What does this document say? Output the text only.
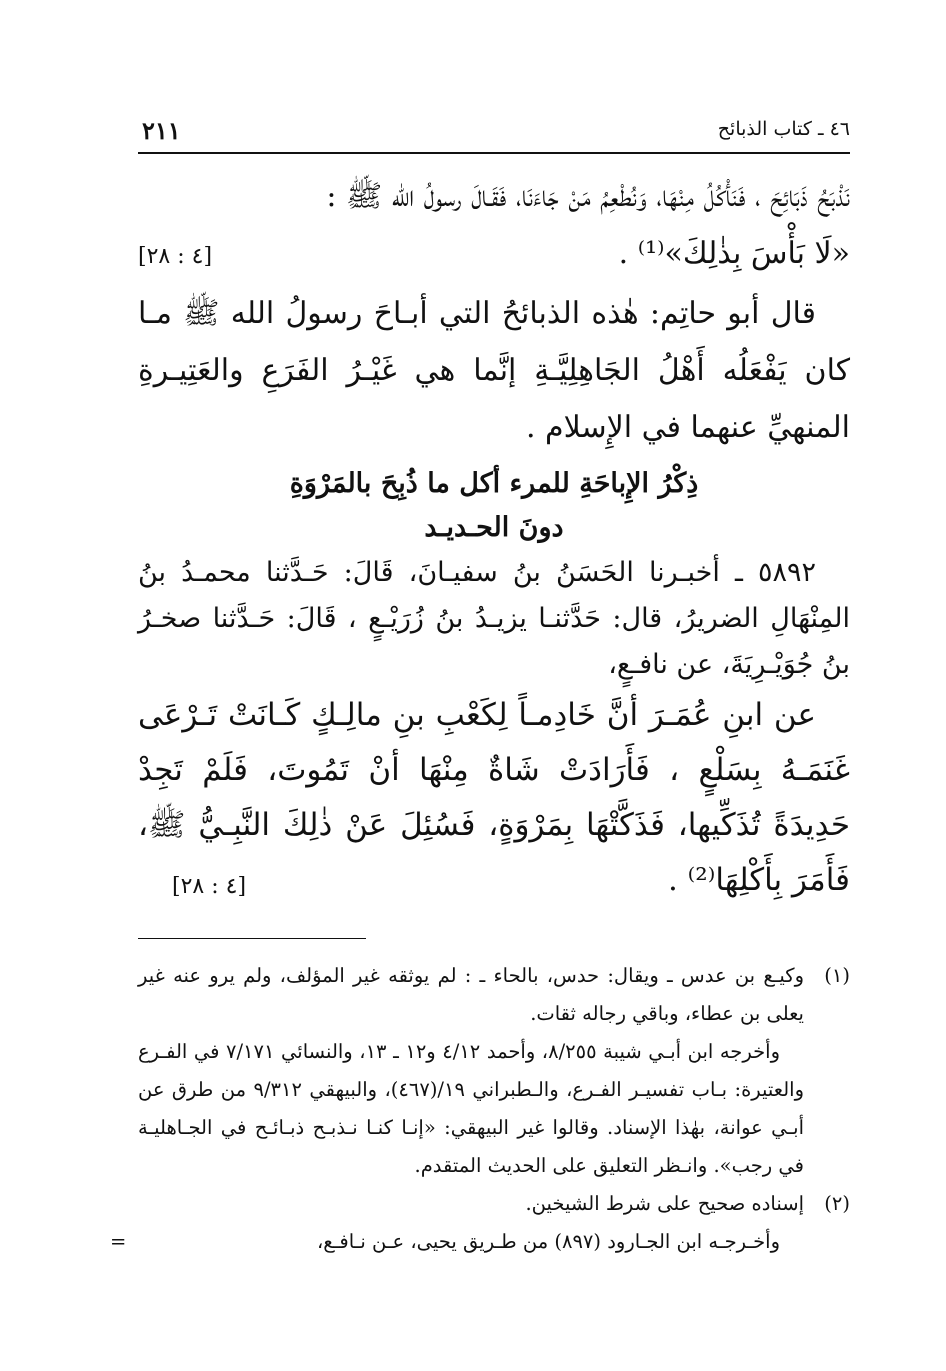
٤٦ ـ كتاب الذبائح
٢١١

نَذْبَحُ ذَبَائِحَ ، فَنَأْكُلُ مِنْهَا، وَنُطْعِمُ مَنْ جَاءَنَا، فَقَـالَ رسولُ الله ﷺ :

«لَا بَأْسَ بِذٰلِكَ»⁽¹⁾ .
[٤ : ٢٨]

قال أبو حاتِم: هٰذه الذبائحُ التي أبـاحَ رسولُ الله ﷺ مـا كان يَفْعَلُه أَهْلُ الجَاهِلِيَّـةِ إنَّما هي غَيْـرُ الفَرَعِ والعَتِيـرةِ المنهيِّ عنهما في الإِسلام .

ذِكْرُ الإِباحَةِ للمرء أكل ما ذُبِحَ بالمَرْوَةِ
دونَ الحـديـد

٥٨٩٢ ـ أخبـرنا الحَسَنُ بنُ سفيـانَ، قَالَ: حَـدَّثنا محمـدُ بنُ المِنْهَالِ الضريرُ، قال: حَدَّثنـا يزيـدُ بنُ زُرَيْـعٍ ، قَالَ: حَـدَّثنا صخـرُ بنُ جُوَيْـرِيَةَ، عن نافـعٍ،

عن ابنِ عُمَـرَ أنَّ خَادِمـاً لِكَعْبِ بنِ مالِـكٍ كَـانَتْ تَـرْعَى غَنَمَـهُ بِسَلْعٍ ، فَأَرَادَتْ شَاةٌ مِنْهَا أنْ تَمُوتَ، فَلَمْ تَجِدْ حَدِيدَةً تُذَكِّيها، فَذَكَّتْهَا بِمَرْوَةٍ، فَسُئِلَ عَنْ ذٰلِكَ النَّبِـيُّ ﷺ، فَأَمَرَ بِأَكْلِهَا⁽²⁾ .
[٤ : ٢٨]

(١)

وكيـع بن عدس ـ ويقال: حدس، بالحاء ـ : لم يوثقه غير المؤلف، ولم يرو عنه غير يعلى بن عطاء، وباقي رجاله ثقات.

وأخرجه ابن أبـي شيبة ٨/٢٥٥، وأحمد ٤/١٢ و١٢ ـ ١٣، والنسائي ٧/١٧١ في الفـرع والعتيرة: بـاب تفسيـر الفـرع، والـطبراني ١٩/(٤٦٧)، والبيهقي ٩/٣١٢ من طرق عن أبـي عوانة، بهٰذا الإسناد. وقالوا غير البيهقي: «إنـا كنـا نـذبـح ذبـائـح في الجـاهليـة في رجب». وانـظر التعليق على الحديث المتقدم.

(٢)

إسناده صحيح على شرط الشيخين.

وأخـرجـه ابن الجـارود (٨٩٧) من طـريق يحيى، عـن نـافـع،
=
